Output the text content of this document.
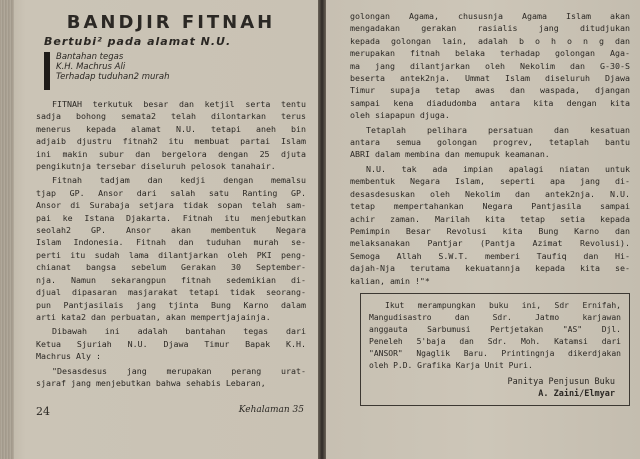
BANDJIR FITNAH
Bertubi² pada alamat N.U.
Bantahan tegas
K.H. Machrus Ali
Terhadap tuduhan2 murah
FITNAH terkutuk besar dan ketjil serta tentu
sadja bohong semata2 telah dilontarkan terus
menerus kepada alamat N.U. tetapi aneh bin
adjaib djustru fitnah2 itu membuat partai Islam
ini makin subur dan bergelora dengan 25 djuta
pengikutnja tersebar diseluruh pelosok tanahair.
Fitnah tadjam dan kedji dengan memalsu
tjap GP. Ansor dari salah satu Ranting GP.
Ansor di Surabaja setjara tidak sopan telah sam-
pai ke Istana Djakarta. Fitnah itu menjebutkan
seolah2 GP. Ansor akan membentuk Negara
Islam Indonesia. Fitnah dan tuduhan murah se-
perti itu sudah lama dilantjarkan oleh PKI peng-
chianat bangsa sebelum Gerakan 30 September-
nja. Namun sekarangpun fitnah sedemikian di-
djual dipasaran masjarakat tetapi tidak seorang-
pun Pantjasilais jang tjinta Bung Karno dalam
arti kata2 dan perbuatan, akan mempertjajainja.
Dibawah ini adalah bantahan tegas dari
Ketua Sjuriah N.U. Djawa Timur Bapak K.H.
Machrus Aly :
"Desasdesus jang merupakan perang urat-
sjaraf jang menjebutkan bahwa sehabis Lebaran,
24	Kehalaman 35
golongan Agama, chususnja Agama Islam akan
mengadakan gerakan rasialis jang ditudjukan
kepada golongan lain, adalah b o h o n g dan
merupakan fitnah belaka terhadap golongan Aga-
ma jang dilantjarkan oleh Nekolim dan G-30-S
beserta antek2nja. Ummat Islam diseluruh Djawa
Timur supaja tetap awas dan waspada, djangan
sampai kena diadudomba antara kita dengan kita
oleh siapapun djuga.
Tetaplah pelihara persatuan dan kesatuan
antara semua golongan progrev, tetaplah bantu
ABRI dalam membina dan memupuk keamanan.
N.U. tak ada impian apalagi niatan untuk
membentuk Negara Islam, seperti apa jang di-
desasdesuskan oleh Nekolim dan antek2nja. N.U.
tetap mempertahankan Negara Pantjasila sampai
achir zaman. Marilah kita tetap setia kepada
Pemimpin Besar Revolusi kita Bung Karno dan
melaksanakan Pantjar (Pantja Azimat Revolusi).
Semoga Allah S.W.T. memberi Taufiq dan Hi-
dajah-Nja terutama kekuatannja kepada kita se-
kalian, amin !"*
Ikut merampungkan buku ini, Sdr Ernifah,
Mangudisastro dan Sdr. Jatmo karjawan
anggauta Sarbumusi Pertjetakan "AS" Djl.
Peneleh 5'baja dan Sdr. Moh. Katamsi dari
"ANSOR" Ngaglik Baru. Printingnja dikerdjakan
oleh P.D. Grafika Karja Unit Puri.
Panitya Penjusun Buku
A. Zaini/Elmyar
